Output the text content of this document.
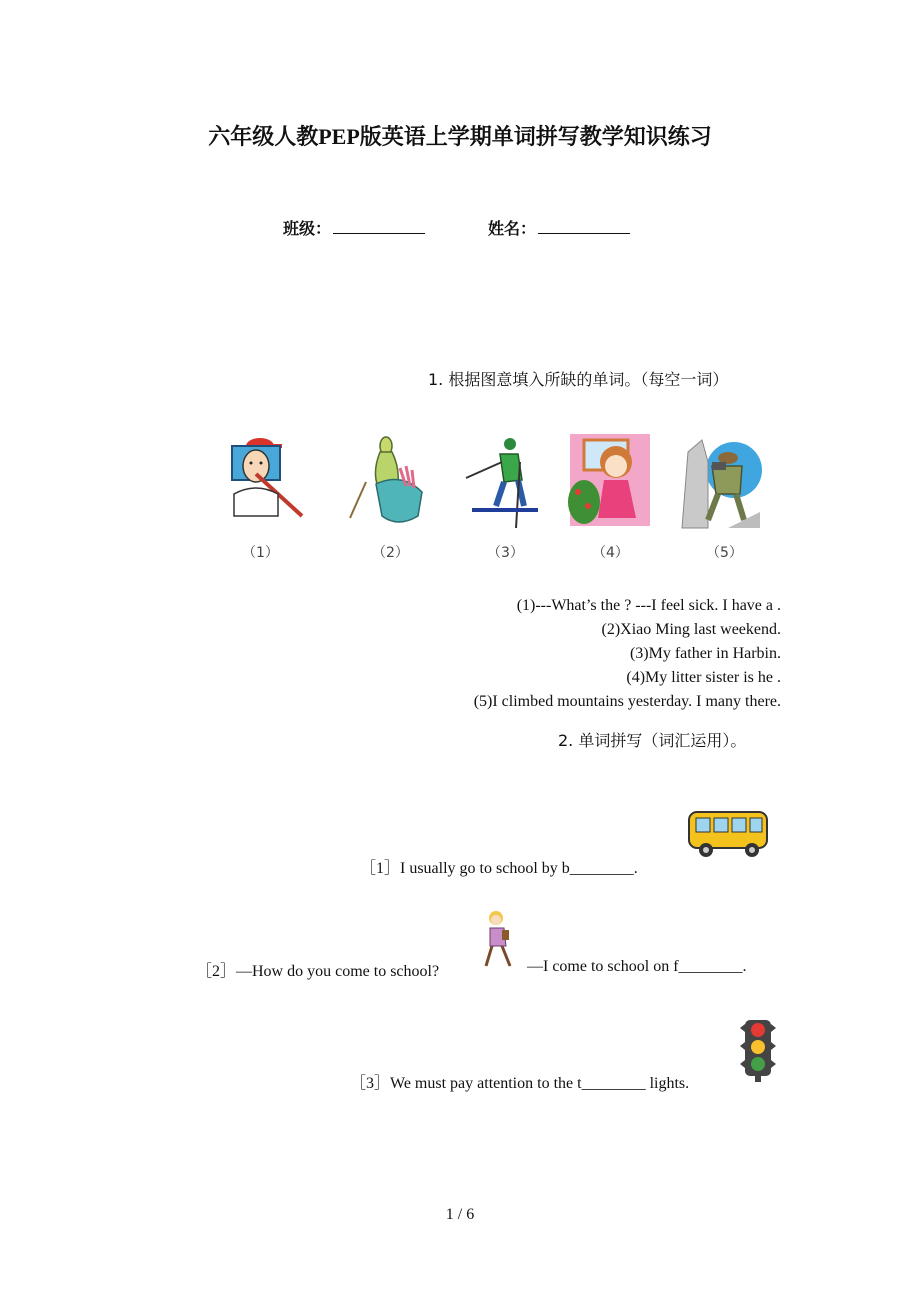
六年级人教PEP版英语上学期单词拼写教学知识练习
班级：	姓名：
1. 根据图意填入所缺的单词。（每空一词）
（1）	（2）	（3）	（4）	（5）
(1)---What’s the ? ---I feel sick. I have a .
(2)Xiao Ming last weekend.
(3)My father in Harbin.
(4)My litter sister is he .
(5)I climbed mountains yesterday. I many there.
2. 单词拼写（词汇运用）。
［1］I usually go to school by b________.
［2］—How do you come to school?	—I come to school on f________.
［3］We must pay attention to the t________ lights.
1 / 6
